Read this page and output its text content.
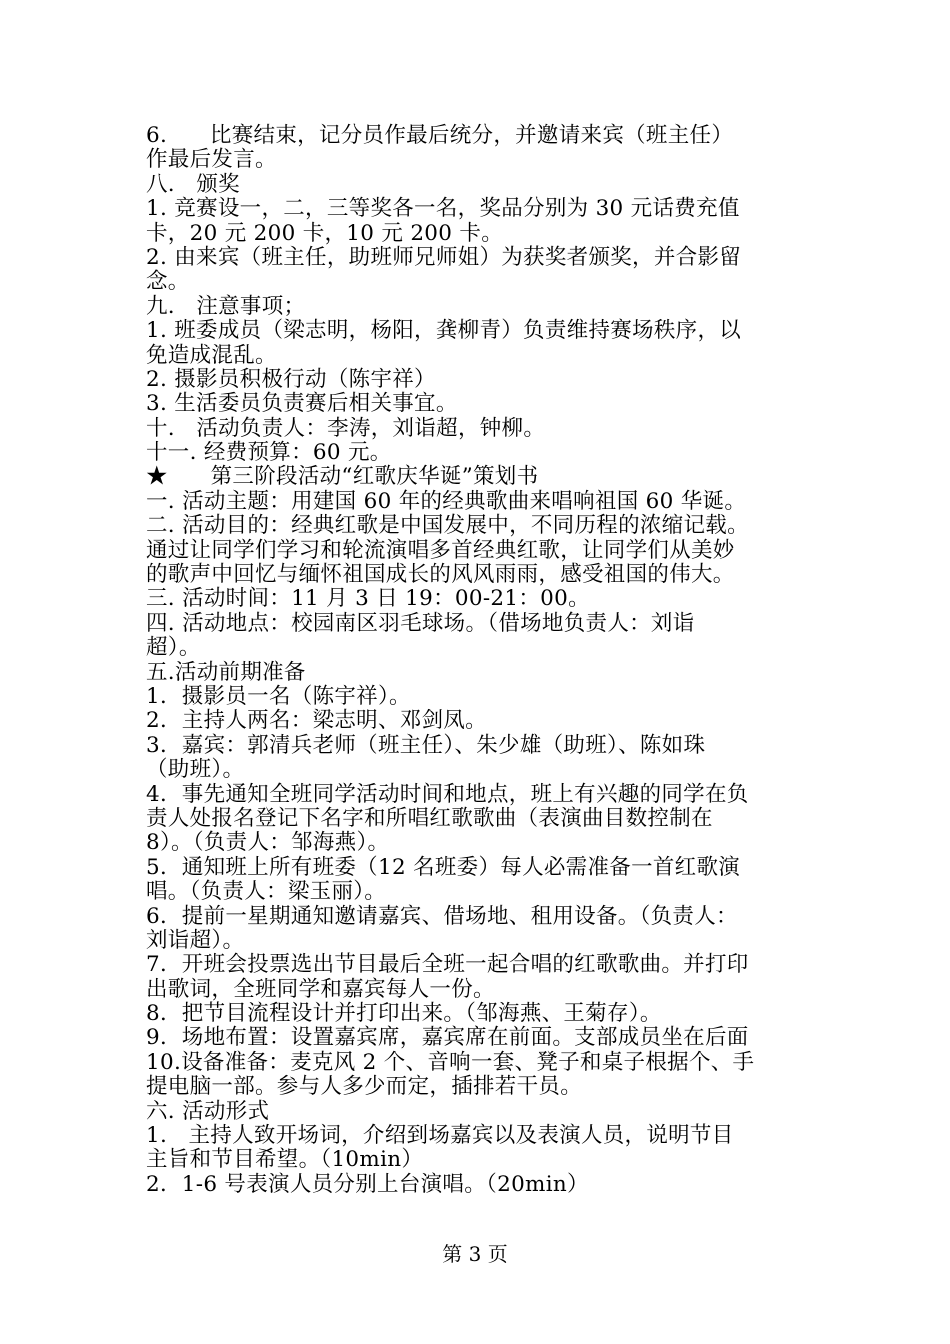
6.      比赛结束，记分员作最后统分，并邀请来宾（班主任）
作最后发言。
八.   颁奖
1. 竞赛设一，二，三等奖各一名，奖品分别为 30 元话费充值
卡，20 元 200 卡，10 元 200 卡。
2. 由来宾（班主任，助班师兄师姐）为获奖者颁奖，并合影留
念。
九.   注意事项；
1. 班委成员（梁志明，杨阳，龚柳青）负责维持赛场秩序，以
免造成混乱。
2. 摄影员积极行动（陈宇祥）
3. 生活委员负责赛后相关事宜。
十.   活动负责人：李涛，刘诣超，钟柳。
十一. 经费预算：60 元。
★      第三阶段活动“红歌庆华诞”策划书
一. 活动主题：用建国 60 年的经典歌曲来唱响祖国 60 华诞。
二. 活动目的：经典红歌是中国发展中，不同历程的浓缩记载。
通过让同学们学习和轮流演唱多首经典红歌，让同学们从美妙
的歌声中回忆与缅怀祖国成长的风风雨雨，感受祖国的伟大。
三. 活动时间：11 月 3 日 19：00-21：00。
四. 活动地点：校园南区羽毛球场。（借场地负责人：刘诣
超）。
五.活动前期准备
1．摄影员一名（陈宇祥）。
2．主持人两名：梁志明、邓剑凤。
3．嘉宾：郭清兵老师（班主任）、朱少雄（助班）、陈如珠
（助班）。
4．事先通知全班同学活动时间和地点，班上有兴趣的同学在负
责人处报名登记下名字和所唱红歌歌曲（表演曲目数控制在
8）。（负责人：邹海燕）。
5．通知班上所有班委（12 名班委）每人必需准备一首红歌演
唱。（负责人：梁玉丽）。
6．提前一星期通知邀请嘉宾、借场地、租用设备。（负责人：
刘诣超）。
7．开班会投票选出节目最后全班一起合唱的红歌歌曲。并打印
出歌词，全班同学和嘉宾每人一份。
8．把节目流程设计并打印出来。（邹海燕、王菊存）。
9．场地布置：设置嘉宾席，嘉宾席在前面。支部成员坐在后面
10.设备准备：麦克风 2 个、音响一套、凳子和桌子根据个、手
提电脑一部。参与人多少而定，插排若干员。
六. 活动形式
1.   主持人致开场词，介绍到场嘉宾以及表演人员，说明节目
主旨和节目希望。（10min）
2．1-6 号表演人员分别上台演唱。（20min）
第 3 页
